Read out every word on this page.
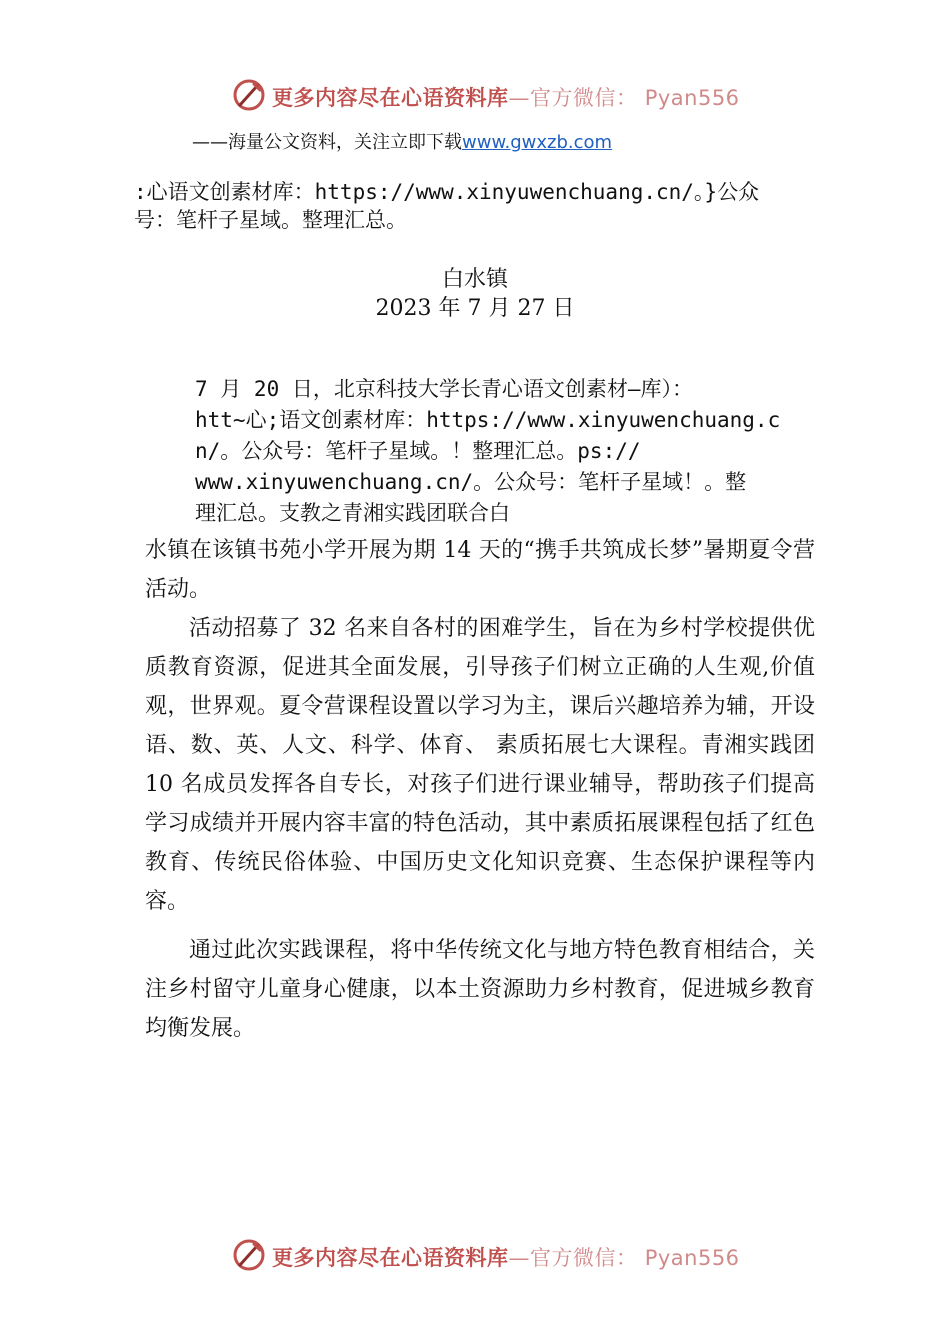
更多内容尽在心语资料库—官方微信： Pyan556
——海量公文资料，关注立即下载www.gwxzb.com
:心语文创素材库：https://www.xinyuwenchuang.cn/。}公众
号：笔杆子星域。整理汇总。
白水镇
2023 年 7 月 27 日
7 月 20 日，北京科技大学长青心语文创素材—库）：
htt~心;语文创素材库：https://www.xinyuwenchuang.c
n/。公众号：笔杆子星域。！整理汇总。ps://
www.xinyuwenchuang.cn/。公众号：笔杆子星域！。整
理汇总。支教之青湘实践团联合白

水镇在该镇书苑小学开展为期 14 天的“携手共筑成长梦”暑期夏令营活动。

活动招募了 32 名来自各村的困难学生，旨在为乡村学校提供优质教育资源，促进其全面发展，引导孩子们树立正确的人生观,价值观，世界观。夏令营课程设置以学习为主，课后兴趣培养为辅，开设语、数、英、人文、科学、体育、 素质拓展七大课程。青湘实践团 10 名成员发挥各自专长，对孩子们进行课业辅导，帮助孩子们提高学习成绩并开展内容丰富的特色活动，其中素质拓展课程包括了红色教育、传统民俗体验、中国历史文化知识竞赛、生态保护课程等内容。

通过此次实践课程，将中华传统文化与地方特色教育相结合，关注乡村留守儿童身心健康，以本土资源助力乡村教育，促进城乡教育均衡发展。

更多内容尽在心语资料库—官方微信： Pyan556
